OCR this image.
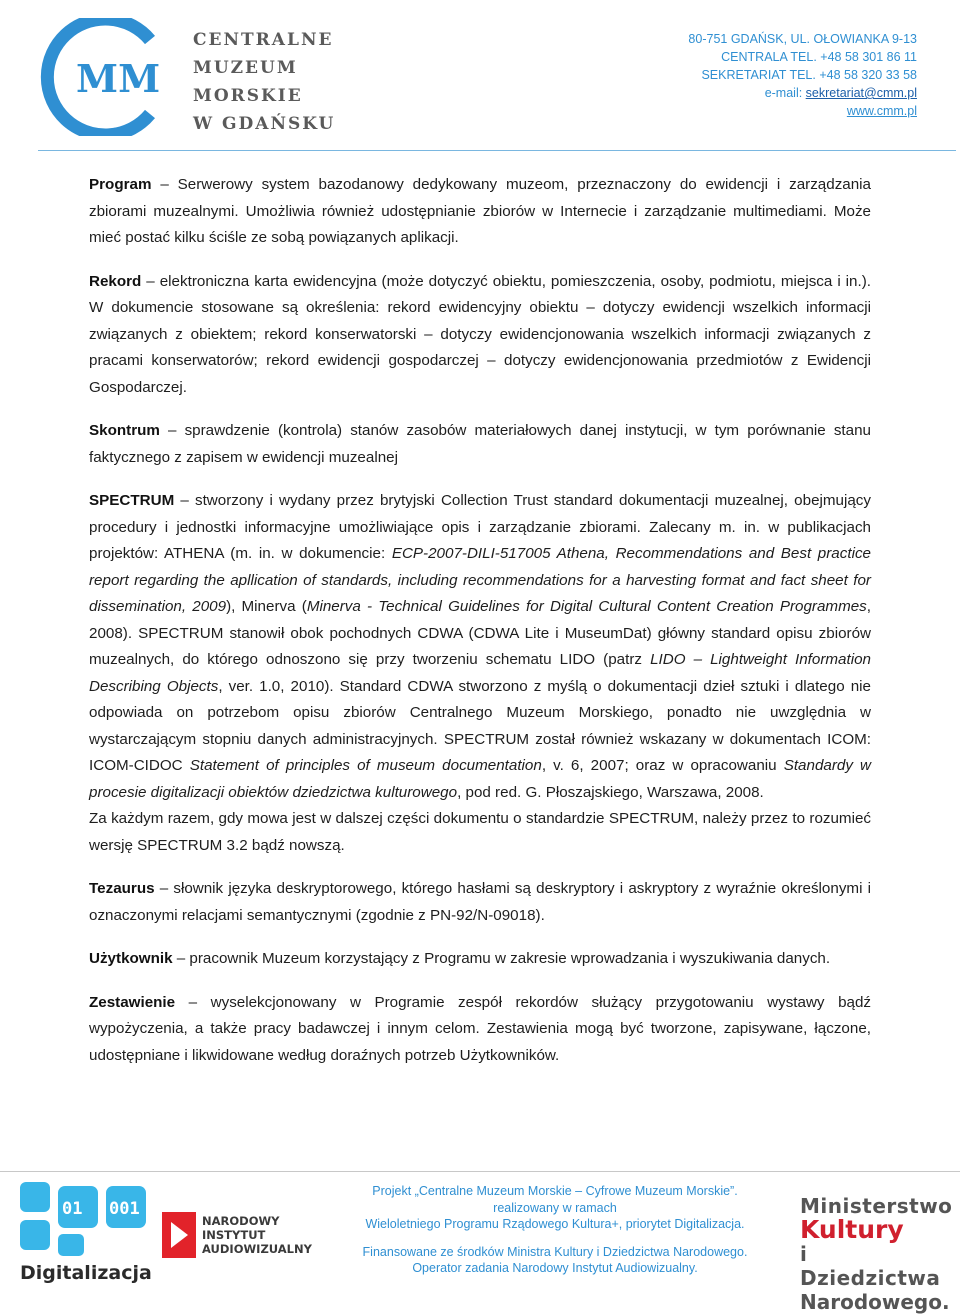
MM
CENTRALNE
MUZEUM
MORSKIE
W GDAŃSKU
80-751 GDAŃSK, UL. OŁOWIANKA 9-13
CENTRALA TEL. +48 58 301 86 11
SEKRETARIAT TEL. +48 58 320 33 58
e-mail: sekretariat@cmm.pl
www.cmm.pl

Program – Serwerowy system bazodanowy dedykowany muzeom, przeznaczony do ewidencji i zarządzania zbiorami muzealnymi. Umożliwia również udostępnianie zbiorów w Internecie i zarządzanie multimediami. Może mieć postać kilku ściśle ze sobą powiązanych aplikacji.

Rekord – elektroniczna karta ewidencyjna (może dotyczyć obiektu, pomieszczenia, osoby, podmiotu, miejsca i in.). W dokumencie stosowane są określenia: rekord ewidencyjny obiektu – dotyczy ewidencji wszelkich informacji związanych z obiektem; rekord konserwatorski – dotyczy ewidencjonowania wszelkich informacji związanych z pracami konserwatorów; rekord ewidencji gospodarczej – dotyczy ewidencjonowania przedmiotów z Ewidencji Gospodarczej.

Skontrum – sprawdzenie (kontrola) stanów zasobów materiałowych danej instytucji, w tym porównanie stanu faktycznego z zapisem w ewidencji muzealnej

SPECTRUM – stworzony i wydany przez brytyjski Collection Trust standard dokumentacji muzealnej, obejmujący procedury i jednostki informacyjne umożliwiające opis i zarządzanie zbiorami. Zalecany m. in. w publikacjach projektów: ATHENA (m. in. w dokumencie: ECP-2007-DILI-517005 Athena, Recommendations and Best practice report regarding the apllication of standards, including recommendations for a harvesting format and fact sheet for dissemination, 2009), Minerva (Minerva - Technical Guidelines for Digital Cultural Content Creation Programmes, 2008). SPECTRUM stanowił obok pochodnych CDWA (CDWA Lite i MuseumDat) główny standard opisu zbiorów muzealnych, do którego odnoszono się przy tworzeniu schematu LIDO (patrz LIDO – Lightweight Information Describing Objects, ver. 1.0, 2010). Standard CDWA stworzono z myślą o dokumentacji dzieł sztuki i dlatego nie odpowiada on potrzebom opisu zbiorów Centralnego Muzeum Morskiego, ponadto nie uwzględnia w wystarczającym stopniu danych administracyjnych. SPECTRUM został również wskazany w dokumentach ICOM: ICOM-CIDOC Statement of principles of museum documentation, v. 6, 2007; oraz w opracowaniu Standardy w procesie digitalizacji obiektów dziedzictwa kulturowego, pod red. G. Płoszajskiego, Warszawa, 2008.

Za każdym razem, gdy mowa jest w dalszej części dokumentu o standardzie SPECTRUM, należy przez to rozumieć wersję SPECTRUM 3.2 bądź nowszą.

Tezaurus – słownik języka deskryptorowego, którego hasłami są deskryptory i askryptory z wyraźnie określonymi i oznaczonymi relacjami semantycznymi (zgodnie z PN-92/N-09018).

Użytkownik – pracownik Muzeum korzystający z Programu w zakresie wprowadzania i wyszukiwania danych.

Zestawienie – wyselekcjonowany w Programie zespół rekordów służący przygotowaniu wystawy bądź wypożyczenia, a także pracy badawczej i innym celom. Zestawienia mogą być tworzone, zapisywane, łączone, udostępniane i likwidowane według doraźnych potrzeb Użytkowników.

01 001
Digitalizacja
NARODOWY
INSTYTUT
AUDIOWIZUALNY
Projekt „Centralne Muzeum Morskie – Cyfrowe Muzeum Morskie”.
realizowany w ramach
Wieloletniego Programu Rządowego Kultura+, priorytet Digitalizacja.
Finansowane ze środków Ministra Kultury i Dziedzictwa Narodowego.
Operator zadania Narodowy Instytut Audiowizualny.
Ministerstwo
Kultury
i Dziedzictwa
Narodowego.
